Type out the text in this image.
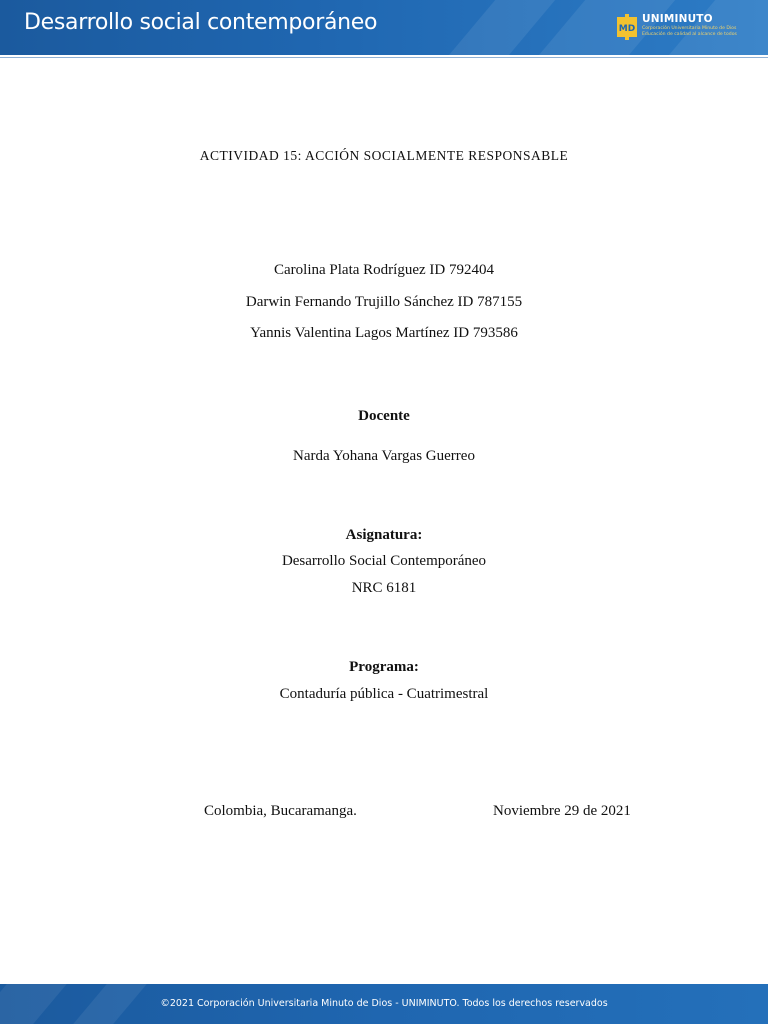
Desarrollo social contemporáneo	MD
UNIMINUTO
Corporación Universitaria Minuto de Dios
Educación de calidad al alcance de todos
ACTIVIDAD 15: ACCIÓN SOCIALMENTE RESPONSABLE
Carolina Plata Rodríguez ID 792404
Darwin Fernando Trujillo Sánchez ID 787155
Yannis Valentina Lagos Martínez ID 793586
Docente
Narda Yohana Vargas Guerreo
Asignatura:
Desarrollo Social Contemporáneo
NRC 6181
Programa:
Contaduría pública - Cuatrimestral
Colombia, Bucaramanga.	Noviembre 29 de 2021
©2021 Corporación Universitaria Minuto de Dios - UNIMINUTO. Todos los derechos reservados
